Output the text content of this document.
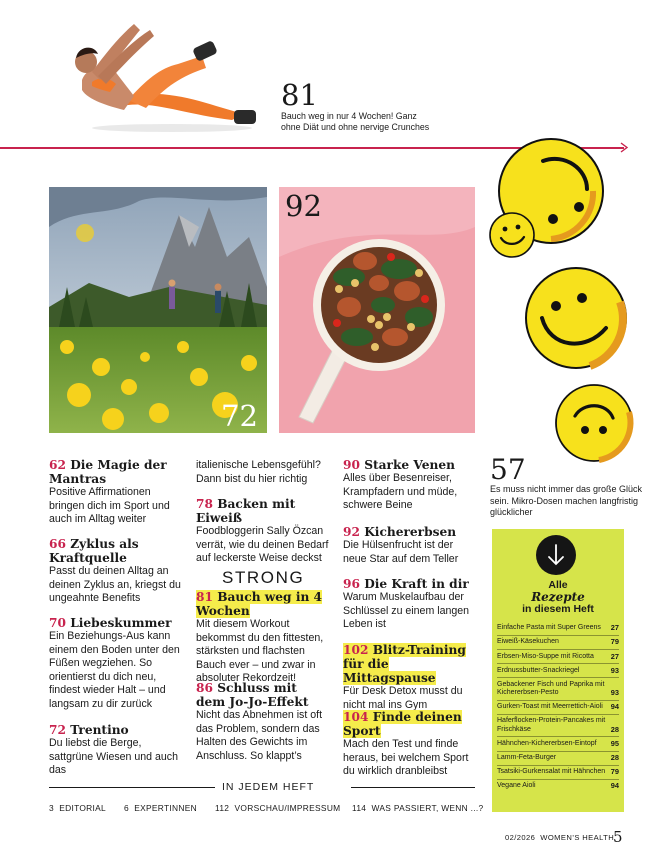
81
Bauch weg in nur 4 Wochen! Ganz ohne Diät und ohne nervige Crunches
72
92
62 Die Magie der Mantras
Positive Affirmationen bringen dich im Sport und auch im Alltag weiter
66 Zyklus als Kraftquelle
Passt du deinen Alltag an deinen Zyklus an, kriegst du ungeahnte Benefits
70 Liebeskummer
Ein Beziehungs-Aus kann einem den Boden unter den Füßen wegziehen. So orientierst du dich neu, findest wieder Halt – und langsam zu dir zurück
72 Trentino
Du liebst die Berge, sattgrüne Wiesen und auch das
italienische Lebensgefühl? Dann bist du hier richtig
78 Backen mit Eiweiß
Foodbloggerin Sally Özcan verrät, wie du deinen Bedarf auf leckerste Weise deckst
STRONG
81 Bauch weg in 4 Wochen
Mit diesem Workout bekommst du den fittesten, stärksten und flachsten Bauch ever – und zwar in absoluter Rekordzeit!
86 Schluss mit dem Jo-Jo-Effekt
Nicht das Abnehmen ist oft das Problem, sondern das Halten des Gewichts im Anschluss. So klappt’s
90 Starke Venen
Alles über Besenreiser, Krampfadern und müde, schwere Beine
92 Kichererbsen
Die Hülsenfrucht ist der neue Star auf dem Teller
96 Die Kraft in dir
Warum Muskelaufbau der Schlüssel zu einem langen Leben ist
102 Blitz-Training für die Mittagspause
Für Desk Detox musst du nicht mal ins Gym
104 Finde deinen Sport
Mach den Test und finde heraus, bei welchem Sport du wirklich dranbleibst
57
Es muss nicht immer das große Glück sein. Mikro-Dosen machen langfristig glücklicher
Alle
Rezepte
in diesem Heft
Einfache Pasta mit Super Greens	27
Eiweiß-Käsekuchen	79
Erbsen-Miso-Suppe mit Ricotta	27
Erdnussbutter-Snackriegel	93
Gebackener Fisch und Paprika mit Kichererbsen-Pesto	93
Gurken-Toast mit Meerrettich-Aioli	94
Haferflocken-Protein-Pancakes mit Frischkäse	28
Hähnchen-Kichererbsen-Eintopf	95
Lamm-Feta-Burger	28
Tsatsiki-Gurkensalat mit Hähnchen 79
Vegane Aioli	94
IN JEDEM HEFT
3 EDITORIAL 6 EXPERTINNEN 112 VORSCHAU/IMPRESSUM 114 WAS PASSIERT, WENN ...?
02/2026 WOMEN’S HEALTH
5
